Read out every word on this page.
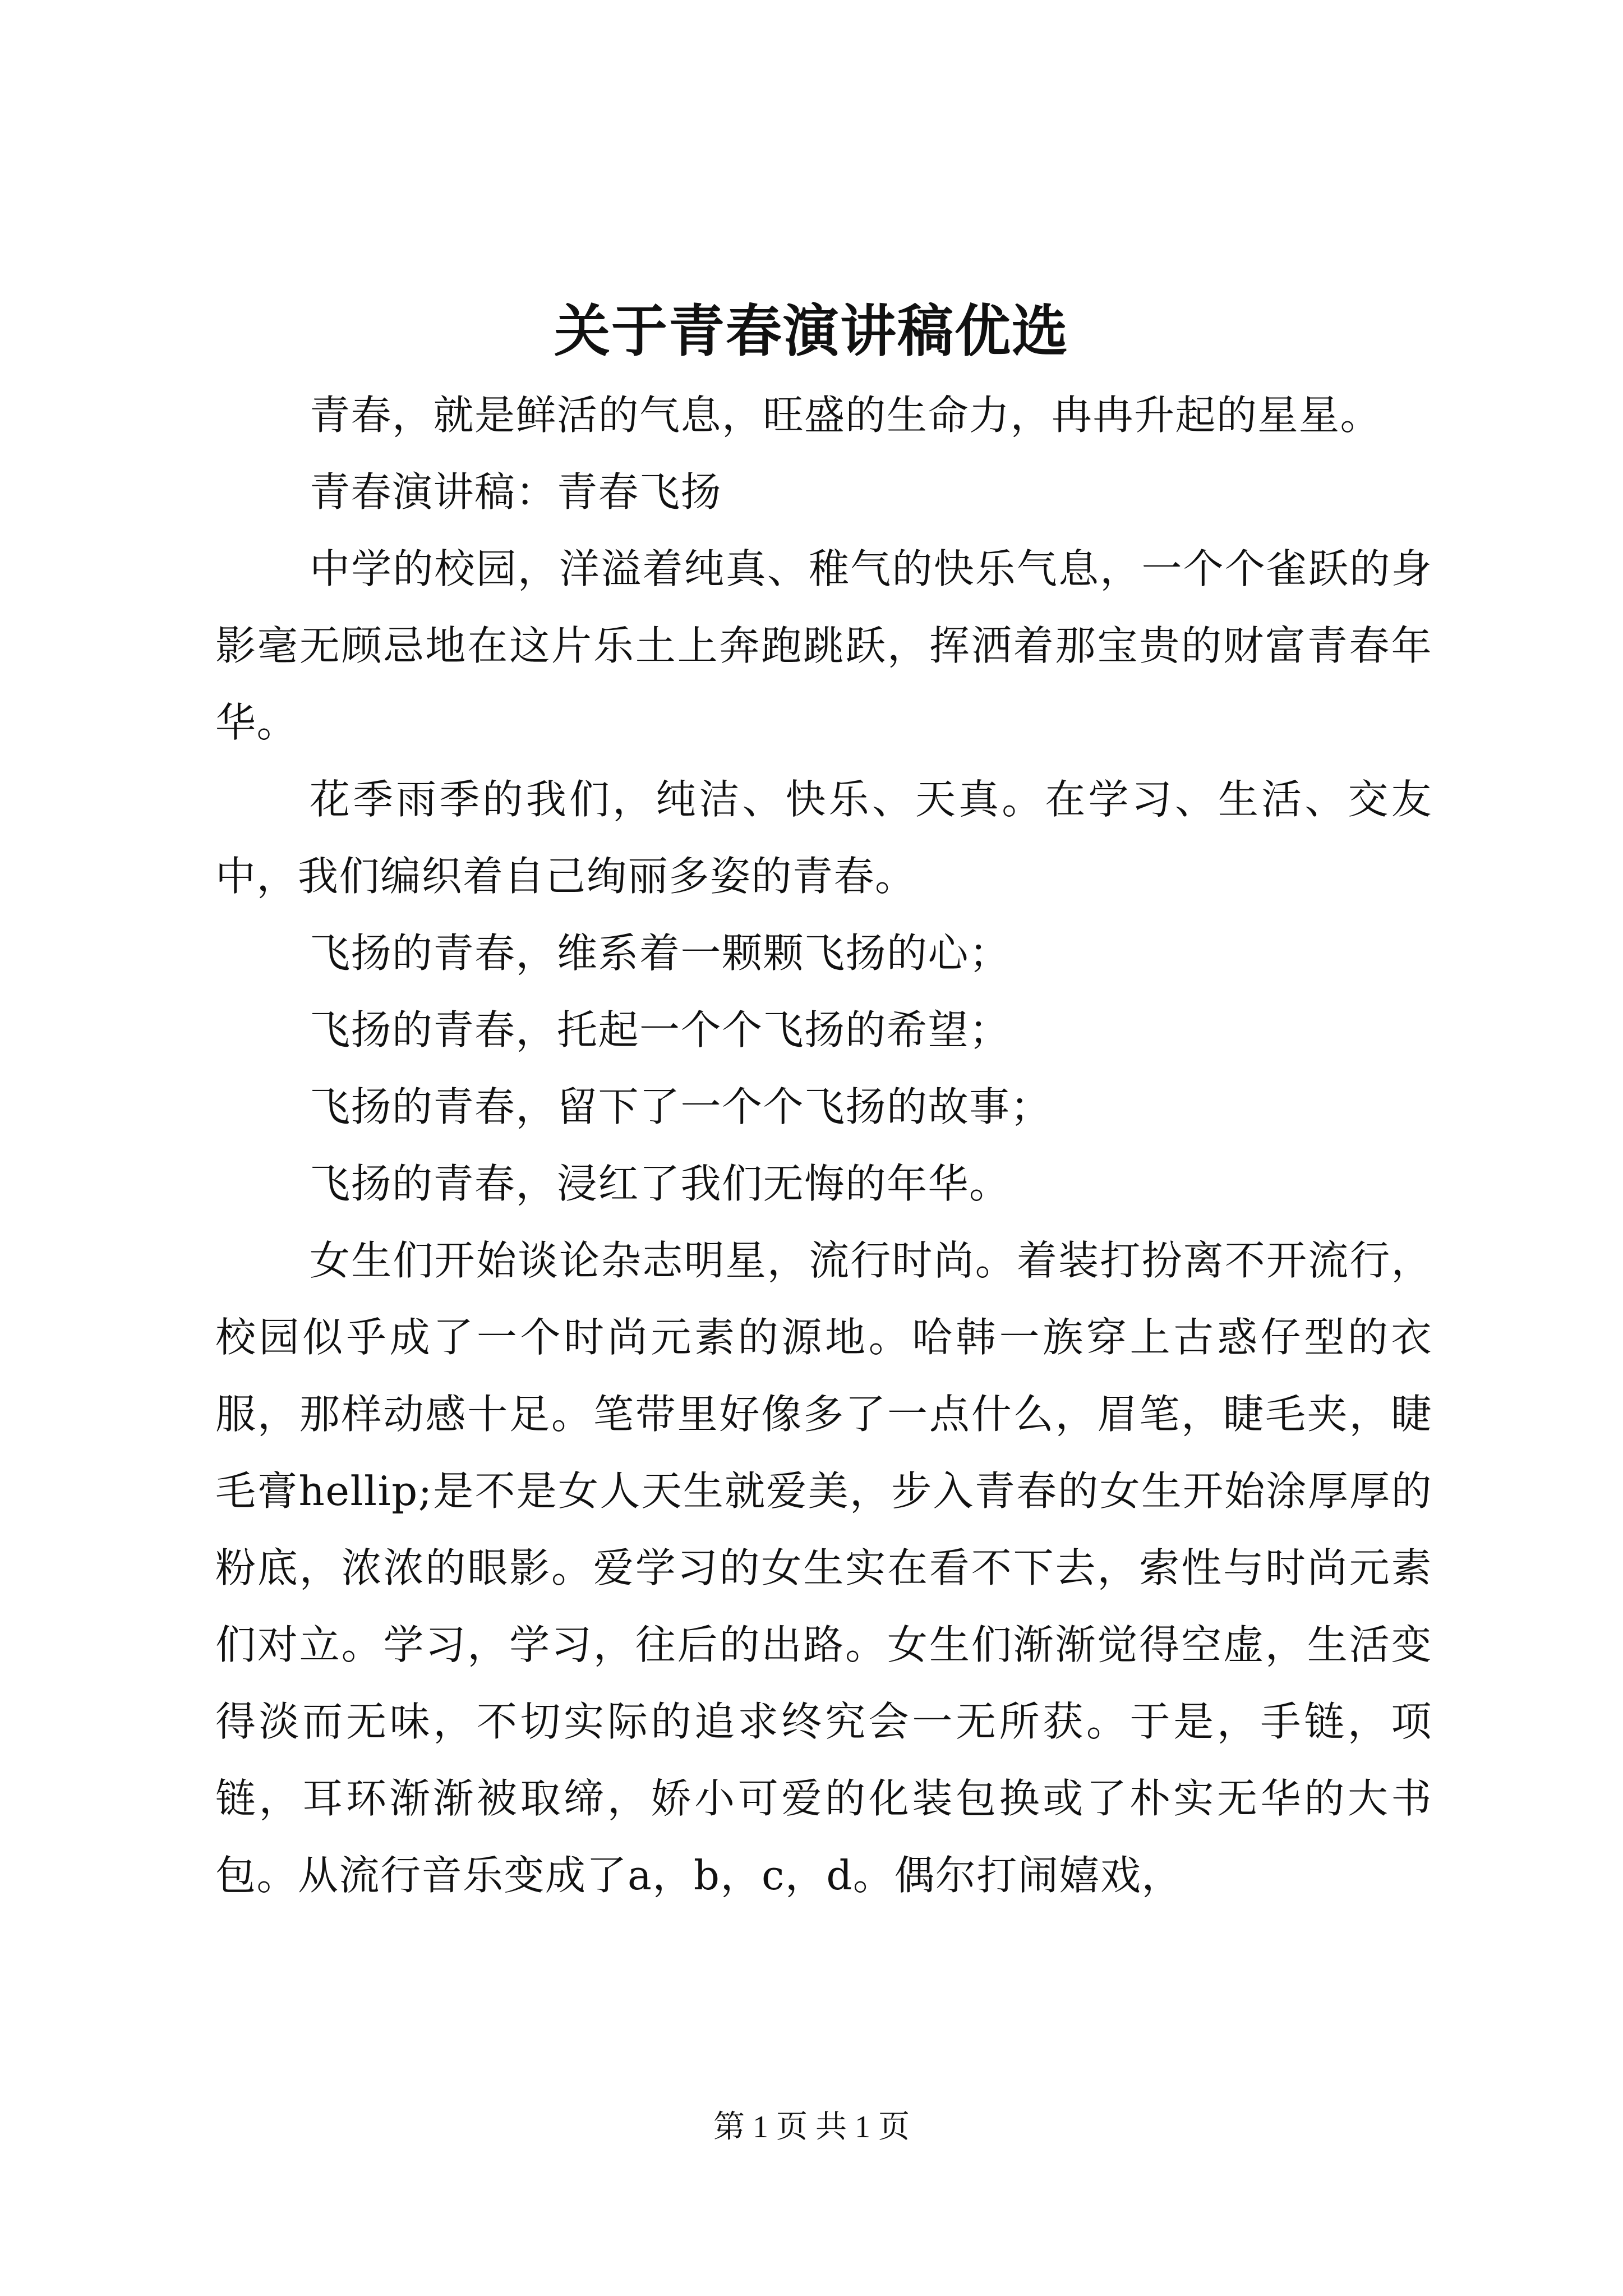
关于青春演讲稿优选

青春，就是鲜活的气息，旺盛的生命力，冉冉升起的星星。

青春演讲稿：青春飞扬

中学的校园，洋溢着纯真、稚气的快乐气息，一个个雀跃的身影毫无顾忌地在这片乐土上奔跑跳跃，挥洒着那宝贵的财富青春年华。

花季雨季的我们，纯洁、快乐、天真。在学习、生活、交友中，我们编织着自己绚丽多姿的青春。

飞扬的青春，维系着一颗颗飞扬的心；

飞扬的青春，托起一个个飞扬的希望；

飞扬的青春，留下了一个个飞扬的故事；

飞扬的青春，浸红了我们无悔的年华。

女生们开始谈论杂志明星，流行时尚。着装打扮离不开流行，校园似乎成了一个时尚元素的源地。哈韩一族穿上古惑仔型的衣服，那样动感十足。笔带里好像多了一点什么，眉笔，睫毛夹，睫毛膏hellip;是不是女人天生就爱美，步入青春的女生开始涂厚厚的粉底，浓浓的眼影。爱学习的女生实在看不下去，索性与时尚元素们对立。学习，学习，往后的出路。女生们渐渐觉得空虚，生活变得淡而无味，不切实际的追求终究会一无所获。于是，手链，项链，耳环渐渐被取缔，娇小可爱的化装包换或了朴实无华的大书包。从流行音乐变成了a，b，c，d。偶尔打闹嬉戏，

第 1 页 共 1 页
